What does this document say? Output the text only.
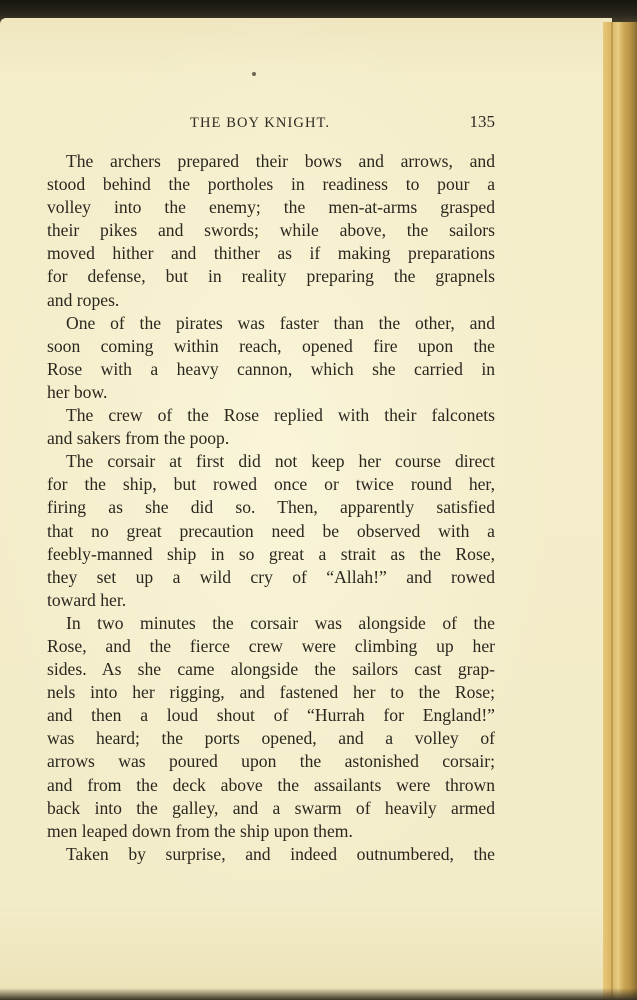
THE BOY KNIGHT.	135
The archers prepared their bows and arrows, and
stood behind the portholes in readiness to pour a
volley into the enemy; the men-at-arms grasped
their pikes and swords; while above, the sailors
moved hither and thither as if making preparations
for defense, but in reality preparing the grapnels
and ropes.
One of the pirates was faster than the other, and
soon coming within reach, opened fire upon the
Rose with a heavy cannon, which she carried in
her bow.
The crew of the Rose replied with their falconets
and sakers from the poop.
The corsair at first did not keep her course direct
for the ship, but rowed once or twice round her,
firing as she did so. Then, apparently satisfied
that no great precaution need be observed with a
feebly-manned ship in so great a strait as the Rose,
they set up a wild cry of “Allah!” and rowed
toward her.
In two minutes the corsair was alongside of the
Rose, and the fierce crew were climbing up her
sides. As she came alongside the sailors cast grap-
nels into her rigging, and fastened her to the Rose;
and then a loud shout of “Hurrah for England!”
was heard; the ports opened, and a volley of
arrows was poured upon the astonished corsair;
and from the deck above the assailants were thrown
back into the galley, and a swarm of heavily armed
men leaped down from the ship upon them.
Taken by surprise, and indeed outnumbered, the
